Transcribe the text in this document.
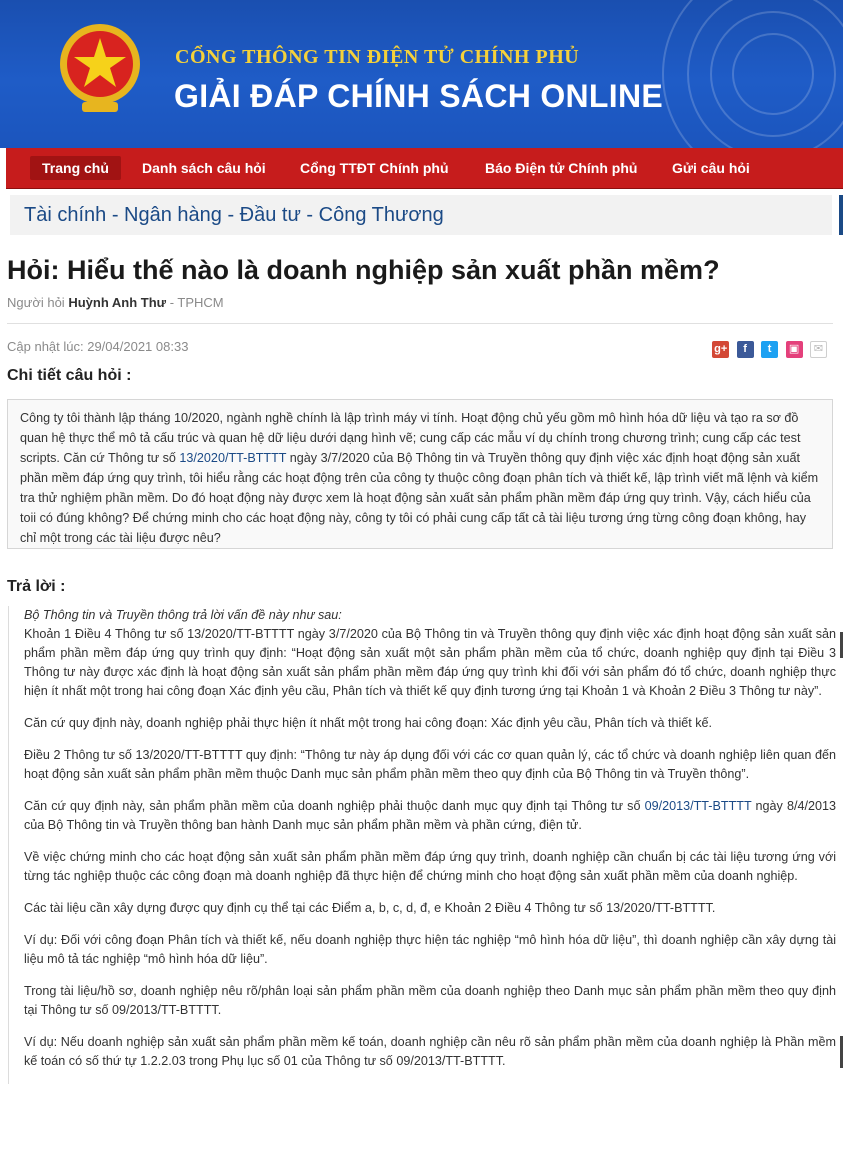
CỔNG THÔNG TIN ĐIỆN TỬ CHÍNH PHỦ
GIẢI ĐÁP CHÍNH SÁCH ONLINE
Trang chủ	Danh sách câu hỏi	Cổng TTĐT Chính phủ	Báo Điện tử Chính phủ	Gửi câu hỏi
Tài chính - Ngân hàng - Đầu tư - Công Thương
Hỏi: Hiểu thế nào là doanh nghiệp sản xuất phần mềm?
Người hỏi Huỳnh Anh Thư - TPHCM
Cập nhật lúc: 29/04/2021 08:33	g+ f t ▣ ✉
Chi tiết câu hỏi :
Công ty tôi thành lập tháng 10/2020, ngành nghề chính là lập trình máy vi tính. Hoạt động chủ yếu gồm mô hình hóa dữ liệu và tạo ra sơ đồ quan hệ thực thể mô tả cấu trúc và quan hệ dữ liệu dưới dạng hình vẽ; cung cấp các mẫu ví dụ chính trong chương trình; cung cấp các test scripts. Căn cứ Thông tư số 13/2020/TT-BTTTT ngày 3/7/2020 của Bộ Thông tin và Truyền thông quy định việc xác định hoạt động sản xuất phần mềm đáp ứng quy trình, tôi hiểu rằng các hoạt động trên của công ty thuộc công đoạn phân tích và thiết kế, lập trình viết mã lệnh và kiểm tra thử nghiệm phần mềm. Do đó hoạt động này được xem là hoạt động sản xuất sản phẩm phần mềm đáp ứng quy trình. Vậy, cách hiểu của toii có đúng không? Để chứng minh cho các hoạt động này, công ty tôi có phải cung cấp tất cả tài liệu tương ứng từng công đoạn không, hay chỉ một trong các tài liệu được nêu?
Trả lời :

Bộ Thông tin và Truyền thông trả lời vấn đề này như sau:

Khoản 1 Điều 4 Thông tư số 13/2020/TT-BTTTT ngày 3/7/2020 của Bộ Thông tin và Truyền thông quy định việc xác định hoạt động sản xuất sản phẩm phần mềm đáp ứng quy trình quy định: “Hoạt động sản xuất một sản phẩm phần mềm của tổ chức, doanh nghiệp quy định tại Điều 3 Thông tư này được xác định là hoạt động sản xuất sản phẩm phần mềm đáp ứng quy trình khi đối với sản phẩm đó tổ chức, doanh nghiệp thực hiện ít nhất một trong hai công đoạn Xác định yêu cầu, Phân tích và thiết kế quy định tương ứng tại Khoản 1 và Khoản 2 Điều 3 Thông tư này”.

Căn cứ quy định này, doanh nghiệp phải thực hiện ít nhất một trong hai công đoạn: Xác định yêu cầu, Phân tích và thiết kế.

Điều 2 Thông tư số 13/2020/TT-BTTTT quy định: “Thông tư này áp dụng đối với các cơ quan quản lý, các tổ chức và doanh nghiệp liên quan đến hoạt động sản xuất sản phẩm phần mềm thuộc Danh mục sản phẩm phần mềm theo quy định của Bộ Thông tin và Truyền thông”.

Căn cứ quy định này, sản phẩm phần mềm của doanh nghiệp phải thuộc danh mục quy định tại Thông tư số 09/2013/TT-BTTTT ngày 8/4/2013 của Bộ Thông tin và Truyền thông ban hành Danh mục sản phẩm phần mềm và phần cứng, điện tử.

Về việc chứng minh cho các hoạt động sản xuất sản phẩm phần mềm đáp ứng quy trình, doanh nghiệp cần chuẩn bị các tài liệu tương ứng với từng tác nghiệp thuộc các công đoạn mà doanh nghiệp đã thực hiện để chứng minh cho hoạt động sản xuất phần mềm của doanh nghiệp.

Các tài liệu cần xây dựng được quy định cụ thể tại các Điểm a, b, c, d, đ, e Khoản 2 Điều 4 Thông tư số 13/2020/TT-BTTTT.

Ví dụ: Đối với công đoạn Phân tích và thiết kế, nếu doanh nghiệp thực hiện tác nghiệp “mô hình hóa dữ liệu”, thì doanh nghiệp cần xây dựng tài liệu mô tả tác nghiệp “mô hình hóa dữ liệu”.

Trong tài liệu/hồ sơ, doanh nghiệp nêu rõ/phân loại sản phẩm phần mềm của doanh nghiệp theo Danh mục sản phẩm phần mềm theo quy định tại Thông tư số 09/2013/TT-BTTTT.

Ví dụ: Nếu doanh nghiệp sản xuất sản phẩm phần mềm kế toán, doanh nghiệp cần nêu rõ sản phẩm phần mềm của doanh nghiệp là Phần mềm kế toán có số thứ tự 1.2.2.03 trong Phụ lục số 01 của Thông tư số 09/2013/TT-BTTTT.
